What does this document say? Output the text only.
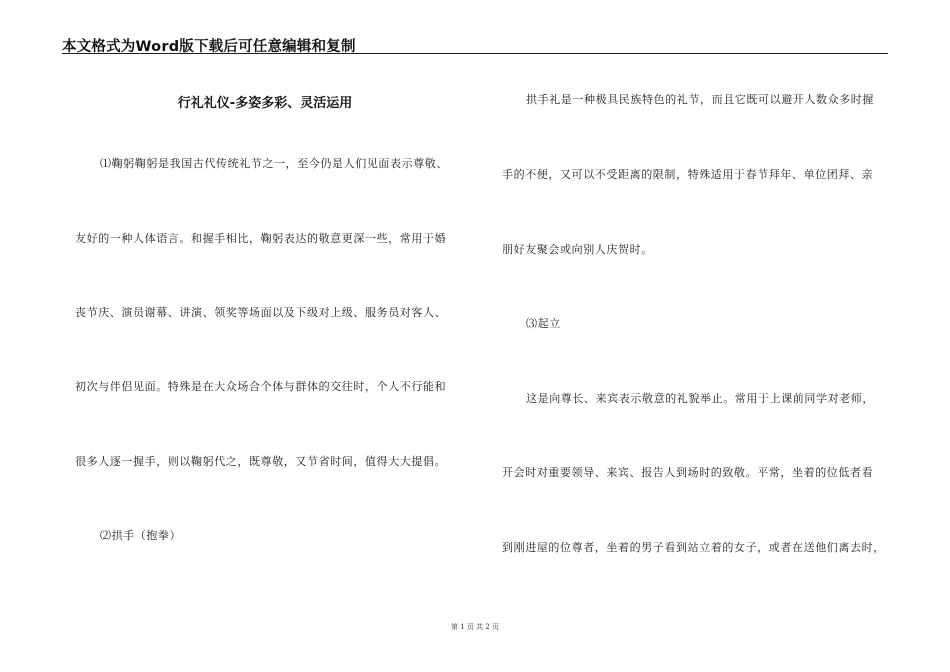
本文格式为Word版下载后可任意编辑和复制
行礼礼仪-多姿多彩、灵活运用
⑴鞠躬鞠躬是我国古代传统礼节之一，至今仍是人们见面表示尊敬、
友好的一种人体语言。和握手相比，鞠躬表达的敬意更深一些，常用于婚
丧节庆、演员谢幕、讲演、领奖等场面以及下级对上级、服务员对客人、
初次与伴侣见面。特殊是在大众场合个体与群体的交往时，个人不行能和
很多人逐一握手，则以鞠躬代之，既尊敬，又节省时间，值得大大提倡。
⑵拱手（抱拳）
拱手礼是一种极具民族特色的礼节，而且它既可以避开人数众多时握
手的不便，又可以不受距离的限制，特殊适用于春节拜年、单位团拜、亲
朋好友聚会或向别人庆贺时。
⑶起立
这是向尊长、来宾表示敬意的礼貌举止。常用于上课前同学对老师，
开会时对重要领导、来宾、报告人到场时的致敬。平常，坐着的位低者看
到刚进屋的位尊者，坐着的男子看到站立着的女子，或者在送他们离去时，
第 1 页 共 2 页
